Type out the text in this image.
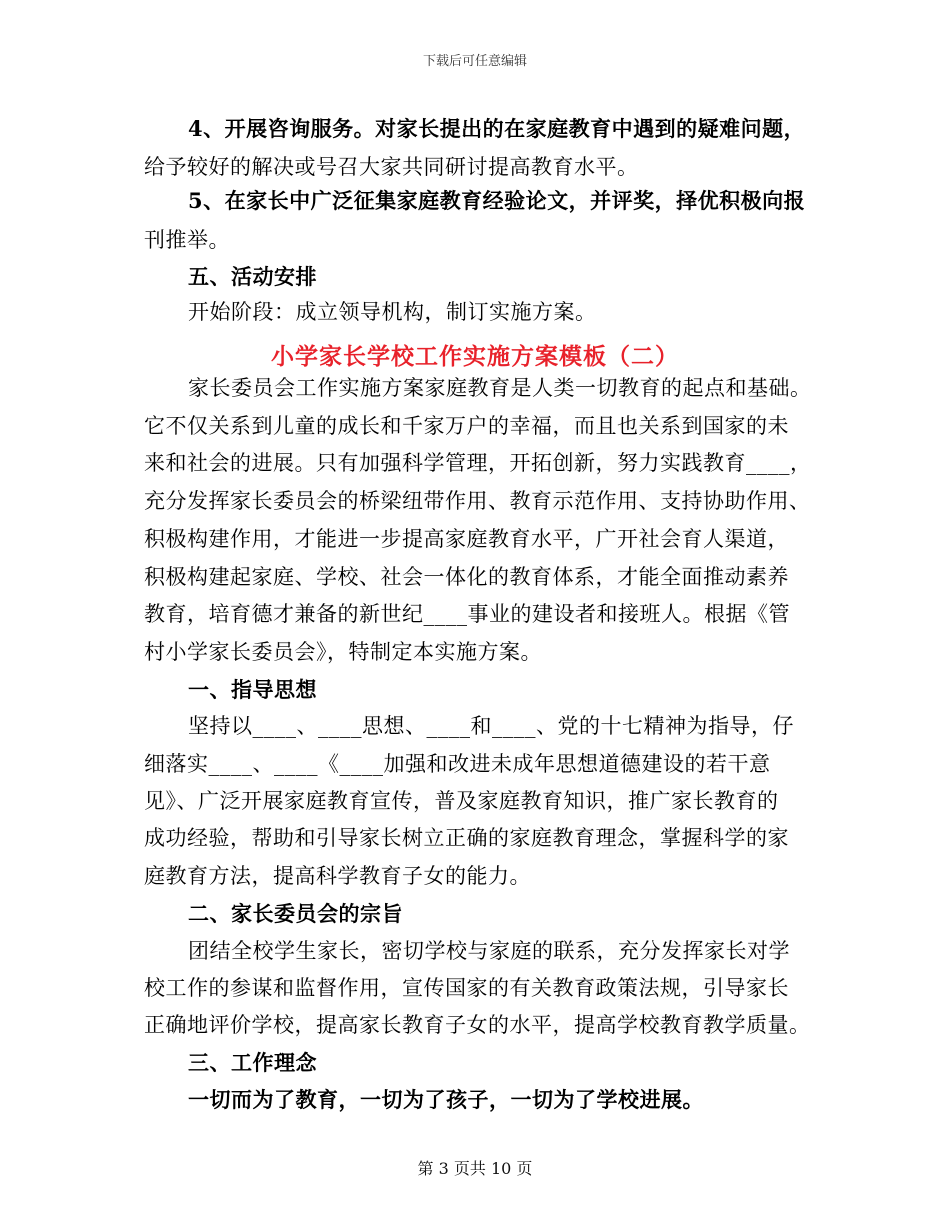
下载后可任意编辑
4、开展咨询服务。对家长提出的在家庭教育中遇到的疑难问题，
给予较好的解决或号召大家共同研讨提高教育水平。
5、在家长中广泛征集家庭教育经验论文，并评奖，择优积极向报
刊推举。
五、活动安排
开始阶段：成立领导机构，制订实施方案。
小学家长学校工作实施方案模板（二）
家长委员会工作实施方案家庭教育是人类一切教育的起点和基础。
它不仅关系到儿童的成长和千家万户的幸福，而且也关系到国家的未
来和社会的进展。只有加强科学管理，开拓创新，努力实践教育____，
充分发挥家长委员会的桥梁纽带作用、教育示范作用、支持协助作用、
积极构建作用，才能进一步提高家庭教育水平，广开社会育人渠道，
积极构建起家庭、学校、社会一体化的教育体系，才能全面推动素养
教育，培育德才兼备的新世纪____事业的建设者和接班人。根据《管
村小学家长委员会》，特制定本实施方案。
一、指导思想
坚持以____、____思想、____和____、党的十七精神为指导，仔
细落实____、____《____加强和改进未成年思想道德建设的若干意
见》、广泛开展家庭教育宣传，普及家庭教育知识，推广家长教育的
成功经验，帮助和引导家长树立正确的家庭教育理念，掌握科学的家
庭教育方法，提高科学教育子女的能力。
二、家长委员会的宗旨
团结全校学生家长，密切学校与家庭的联系，充分发挥家长对学
校工作的参谋和监督作用，宣传国家的有关教育政策法规，引导家长
正确地评价学校，提高家长教育子女的水平，提高学校教育教学质量。
三、工作理念
一切而为了教育，一切为了孩子，一切为了学校进展。
第 3 页共 10 页
